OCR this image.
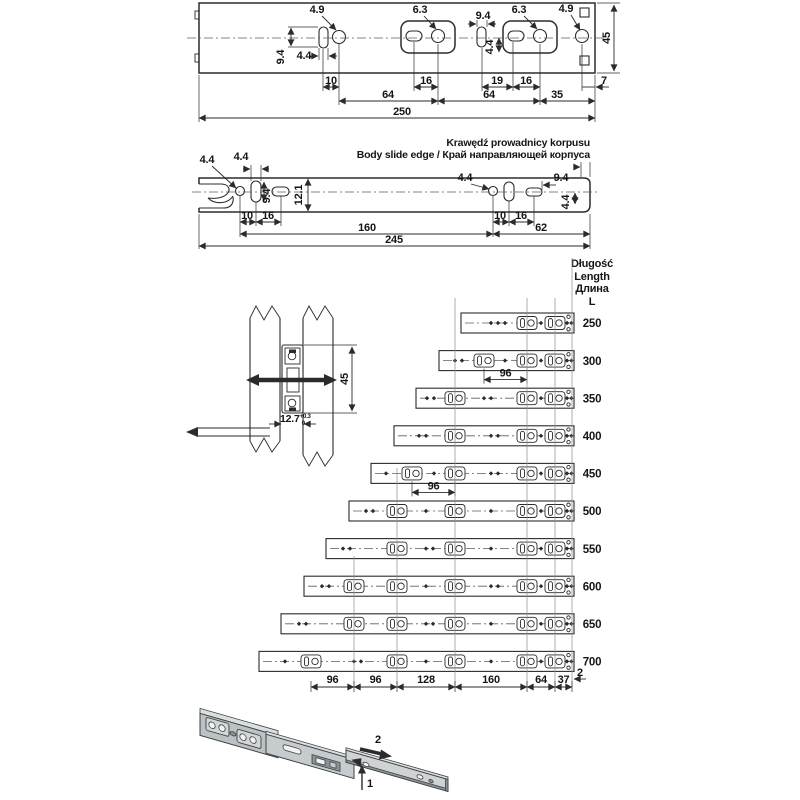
4.9	6.3	9.4
4.9
6.3
9.4 4.4
4.4
45
10	16	19 16	7
64	64	35
250
Krawędź prowadnicy korpusu
Body slide edge / Край направляющей корпуса
4.4 4.4
9.4 12.1
4.4	9.4
4.4
10 16	10 16
160	62
245
45
$12.7^{+0.3}$ 0
Długość
Length
Длина
L
250
300
96
350
400
450
96
500
550
600
650
700
96	96	128	160	64 37
2
2
1
